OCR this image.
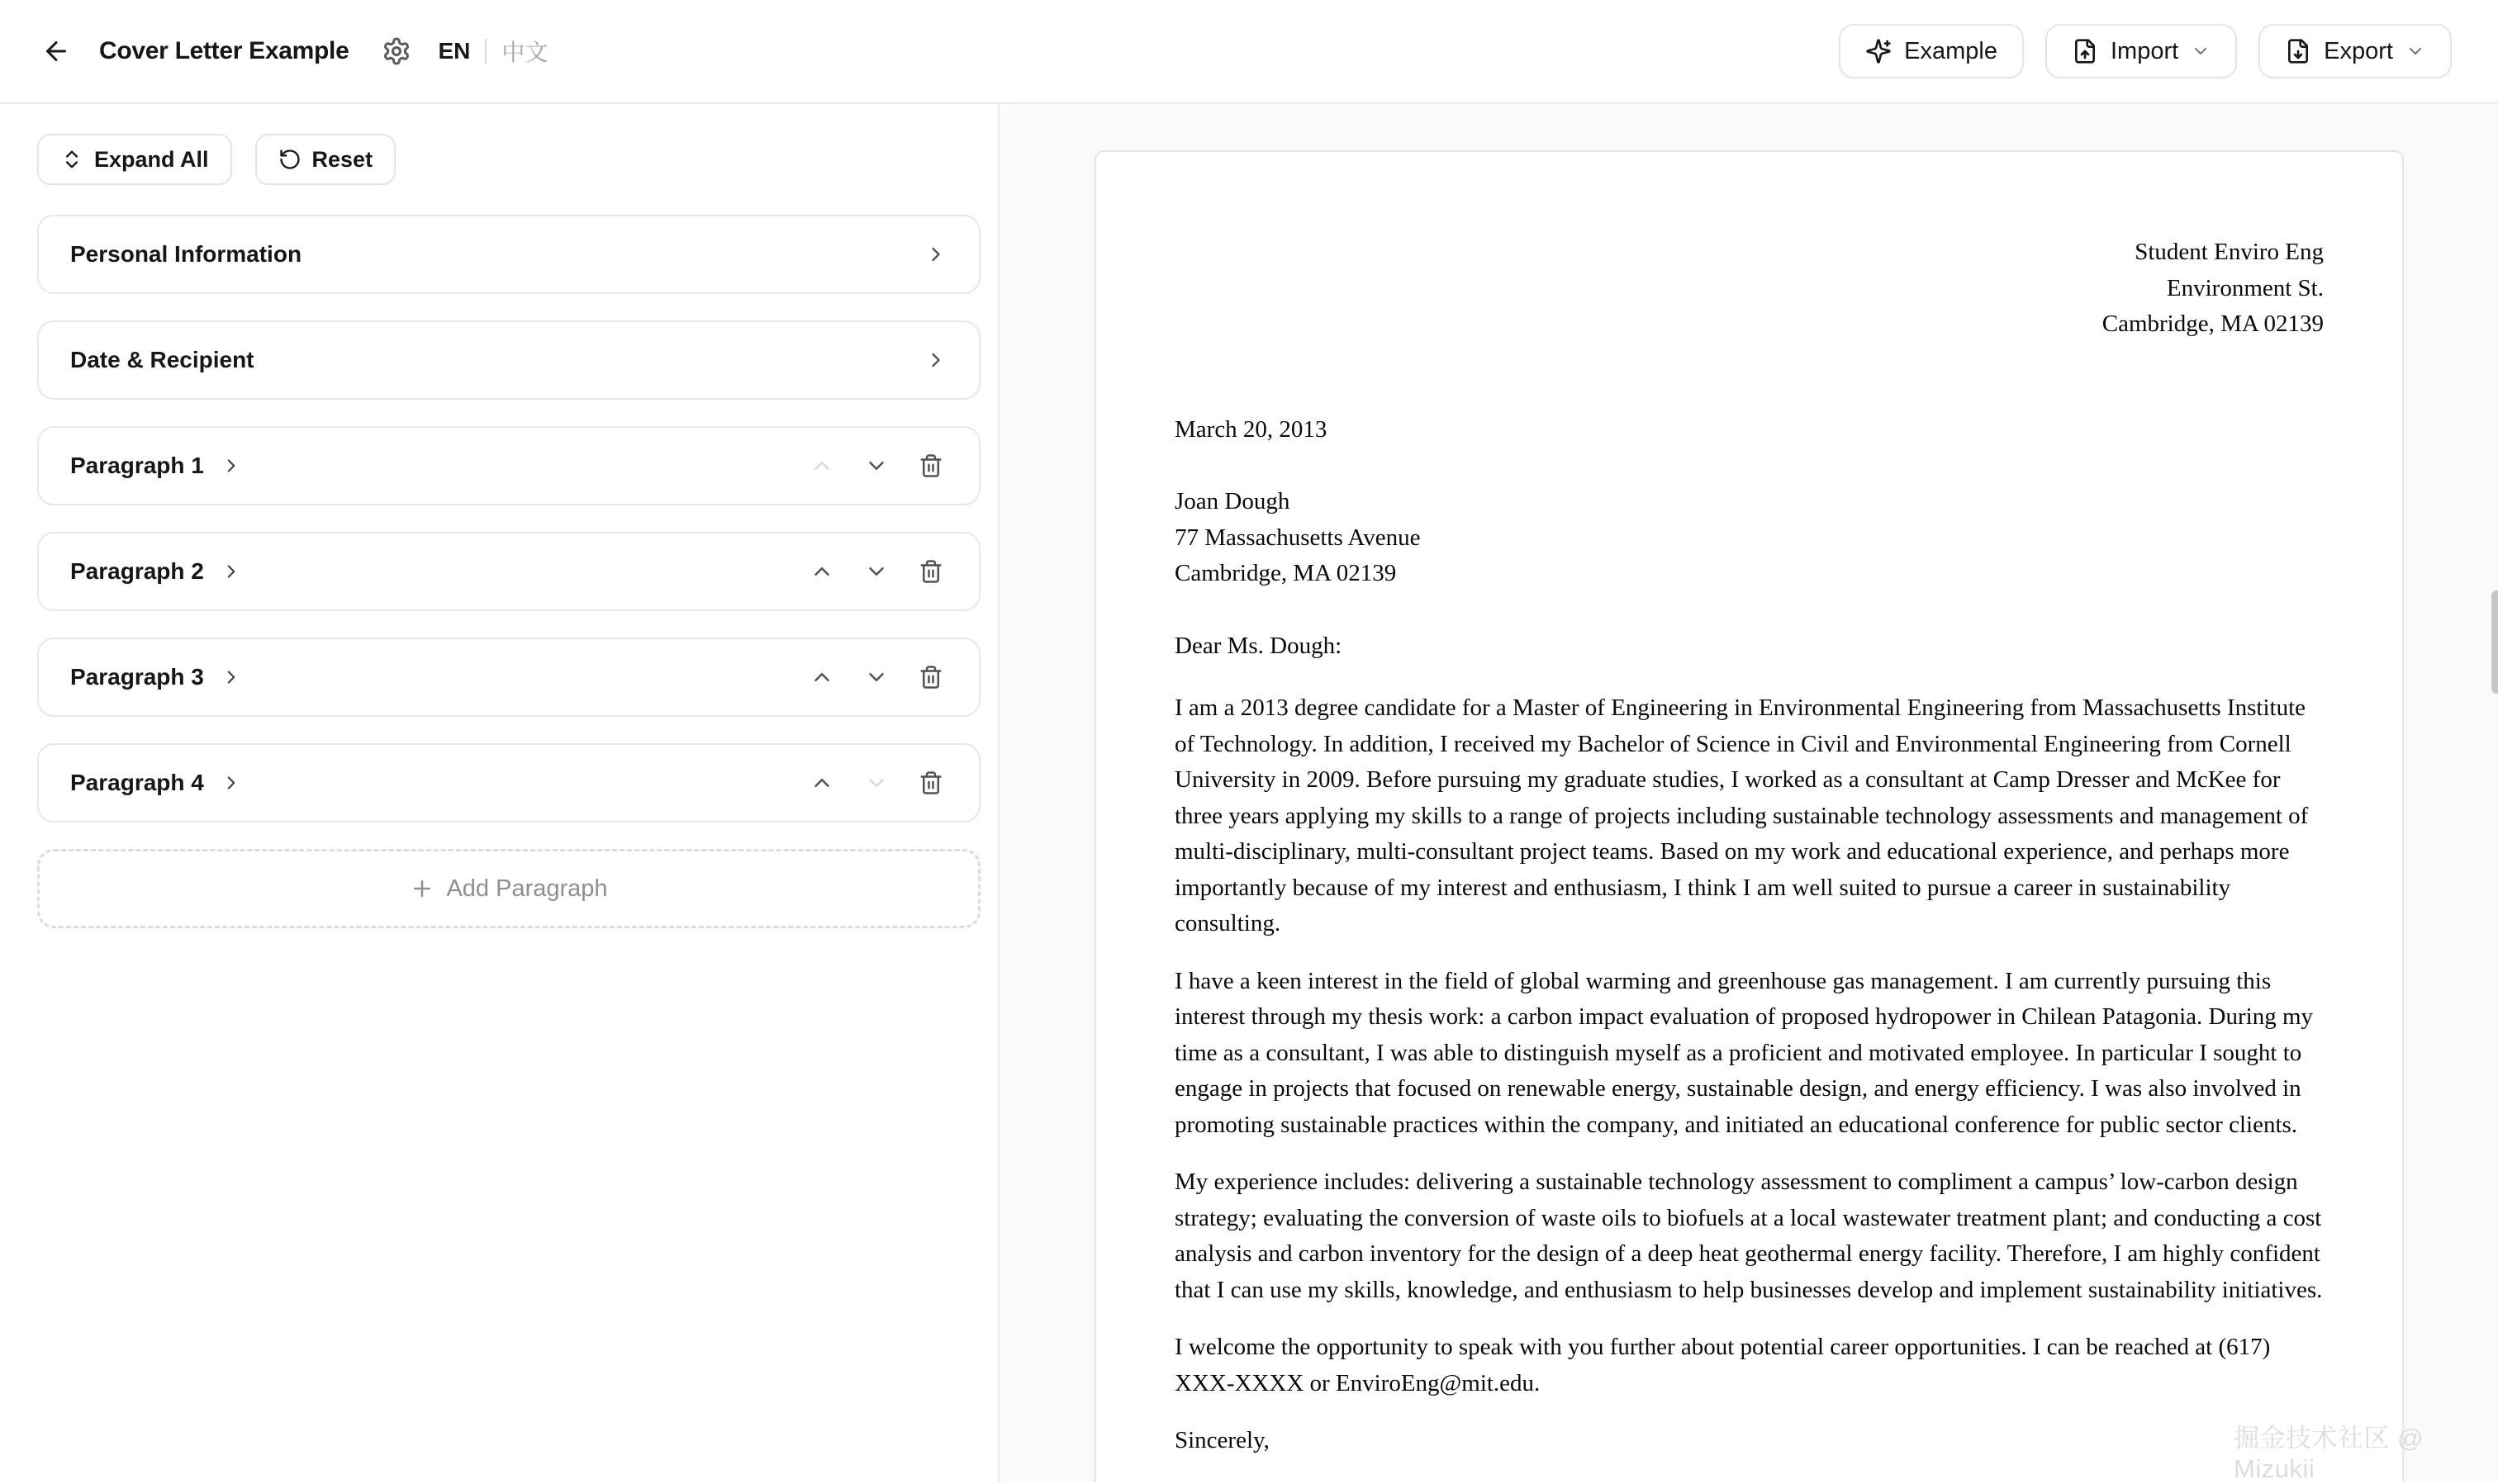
Cover Letter Example	EN 中文	Example	Import	Export
Expand All	Reset
Personal Information
Date & Recipient
Paragraph 1
Paragraph 2
Paragraph 3
Paragraph 4
Add Paragraph
Student Enviro Eng
Environment St.
Cambridge, MA 02139
March 20, 2013
Joan Dough
77 Massachusetts Avenue
Cambridge, MA 02139
Dear Ms. Dough:

I am a 2013 degree candidate for a Master of Engineering in Environmental Engineering from Massachusetts Institute of Technology. In addition, I received my Bachelor of Science in Civil and Environmental Engineering from Cornell University in 2009. Before pursuing my graduate studies, I worked as a consultant at Camp Dresser and McKee for three years applying my skills to a range of projects including sustainable technology assessments and management of multi-disciplinary, multi-consultant project teams. Based on my work and educational experience, and perhaps more importantly because of my interest and enthusiasm, I think I am well suited to pursue a career in sustainability consulting.

I have a keen interest in the field of global warming and greenhouse gas management. I am currently pursuing this interest through my thesis work: a carbon impact evaluation of proposed hydropower in Chilean Patagonia. During my time as a consultant, I was able to distinguish myself as a proficient and motivated employee. In particular I sought to engage in projects that focused on renewable energy, sustainable design, and energy efficiency. I was also involved in promoting sustainable practices within the company, and initiated an educational conference for public sector clients.

My experience includes: delivering a sustainable technology assessment to compliment a campus’ low-carbon design strategy; evaluating the conversion of waste oils to biofuels at a local wastewater treatment plant; and conducting a cost analysis and carbon inventory for the design of a deep heat geothermal energy facility. Therefore, I am highly confident that I can use my skills, knowledge, and enthusiasm to help businesses develop and implement sustainability initiatives.

I welcome the opportunity to speak with you further about potential career opportunities. I can be reached at (617) XXX-XXXX or EnviroEng@mit.edu.

Sincerely,	掘金技术社区 @ Mizukii
